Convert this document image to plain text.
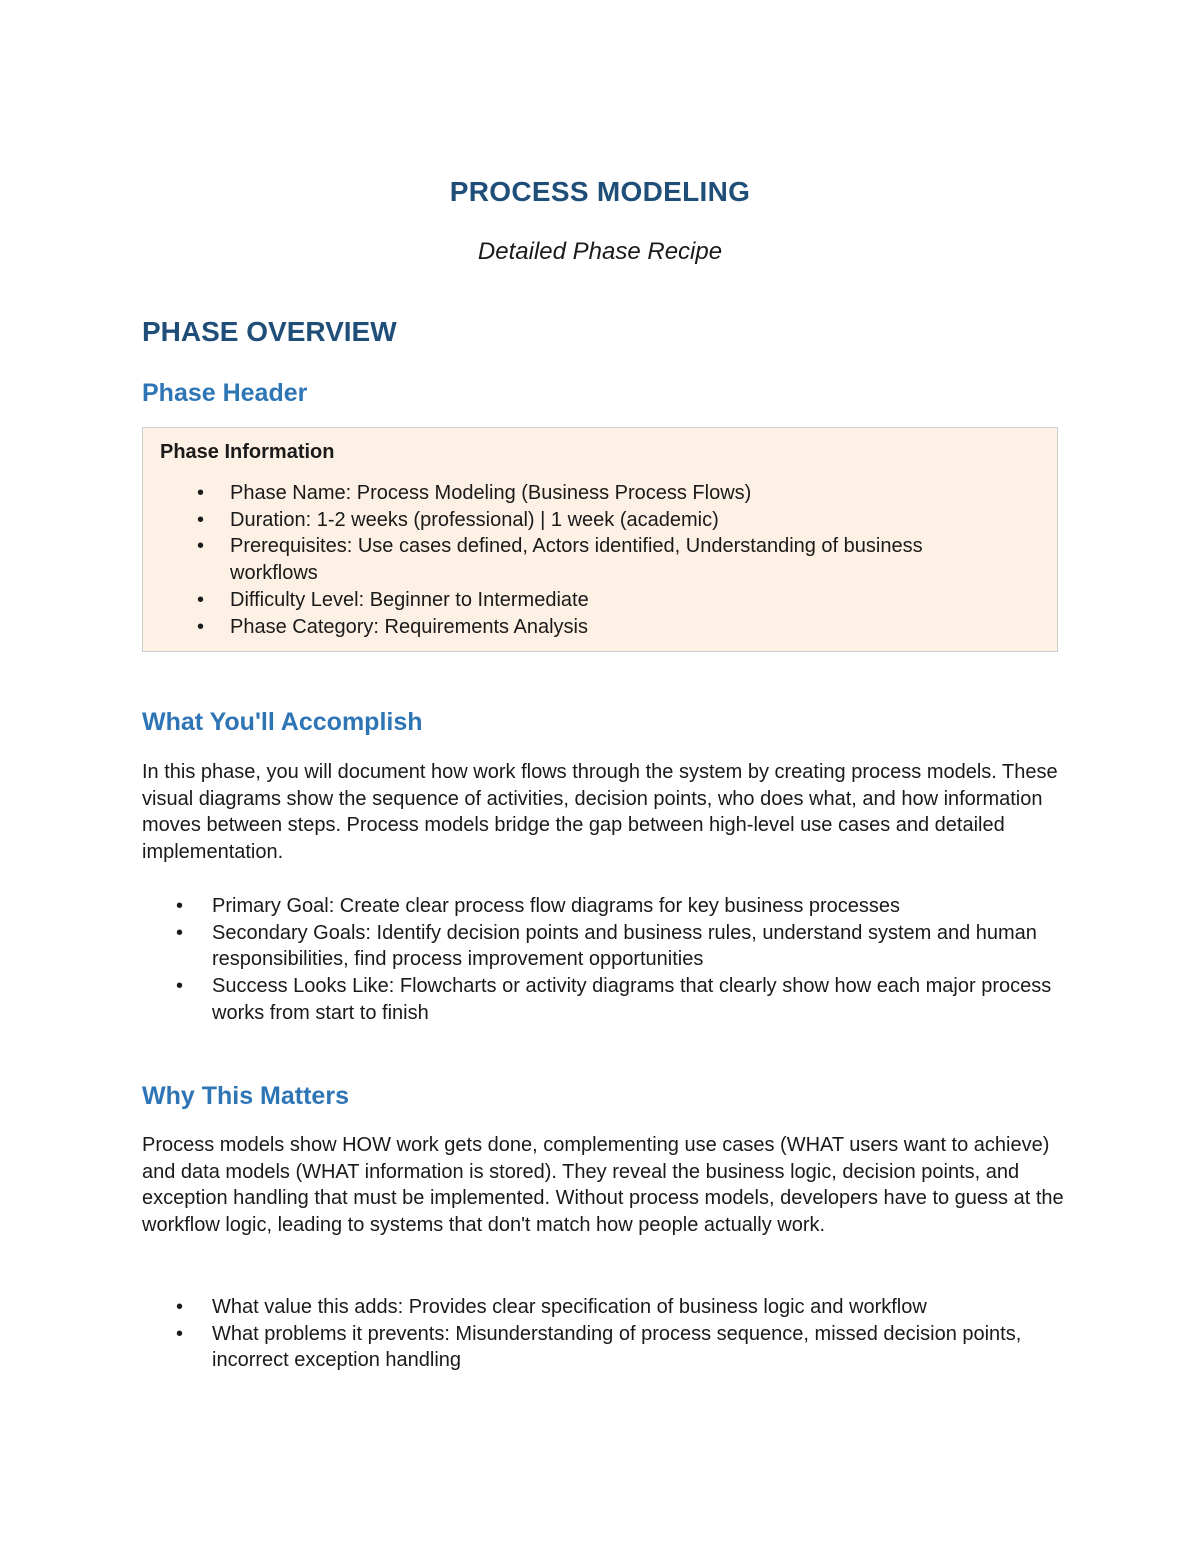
PROCESS MODELING
Detailed Phase Recipe
PHASE OVERVIEW
Phase Header
Phase Information
• Phase Name: Process Modeling (Business Process Flows)
• Duration: 1-2 weeks (professional) | 1 week (academic)
• Prerequisites: Use cases defined, Actors identified, Understanding of business workflows
• Difficulty Level: Beginner to Intermediate
• Phase Category: Requirements Analysis
What You'll Accomplish
In this phase, you will document how work flows through the system by creating process models. These visual diagrams show the sequence of activities, decision points, who does what, and how information moves between steps. Process models bridge the gap between high-level use cases and detailed implementation.
• Primary Goal: Create clear process flow diagrams for key business processes
• Secondary Goals: Identify decision points and business rules, understand system and human responsibilities, find process improvement opportunities
• Success Looks Like: Flowcharts or activity diagrams that clearly show how each major process works from start to finish
Why This Matters
Process models show HOW work gets done, complementing use cases (WHAT users want to achieve) and data models (WHAT information is stored). They reveal the business logic, decision points, and exception handling that must be implemented. Without process models, developers have to guess at the workflow logic, leading to systems that don't match how people actually work.
• What value this adds: Provides clear specification of business logic and workflow
• What problems it prevents: Misunderstanding of process sequence, missed decision points, incorrect exception handling
